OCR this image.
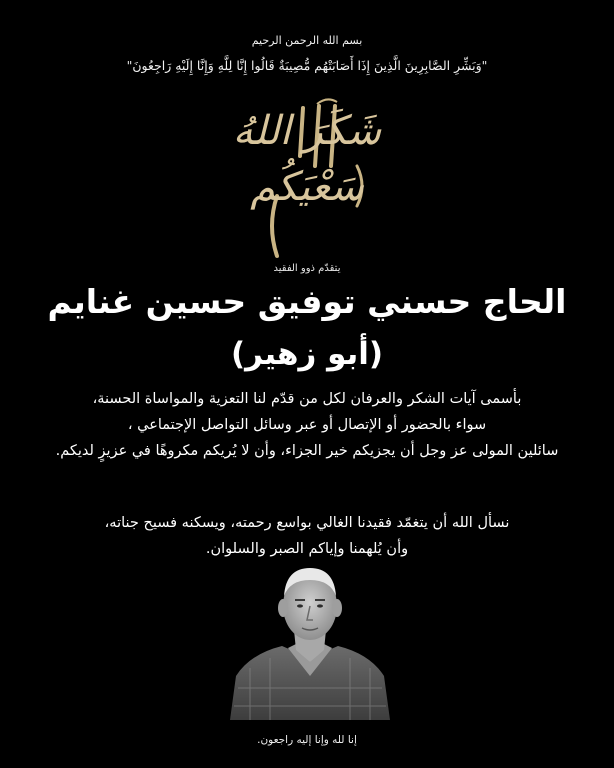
بسم الله الرحمن الرحيم
"وَبَشِّرِ الصَّابِرِينَ الَّذِينَ إِذَا أَصَابَتْهُم مُّصِيبَةٌ قَالُوا إِنَّا لِلَّهِ وَإِنَّا إِلَيْهِ رَاجِعُونَ"
شَكَرَ اللهُ
سَعْيَكُم
يتقدّم ذوو الفقيد
الحاج حسني توفيق حسين غنايم
(أبو زهير)
بأسمى آيات الشكر والعرفان لكل من قدّم لنا التعزية والمواساة الحسنة،
سواء بالحضور أو الإتصال أو عبر وسائل التواصل الإجتماعي ،
سائلين المولى عز وجل أن يجزيكم خير الجزاء، وأن لا يُريكم مكروهًا في عزيزٍ لديكم.
نسأل الله أن يتغمّد فقيدنا الغالي بواسع رحمته، ويسكنه فسيح جناته،
وأن يُلهمنا وإياكم الصبر والسلوان.
إنا لله وإنا إليه راجعون.
